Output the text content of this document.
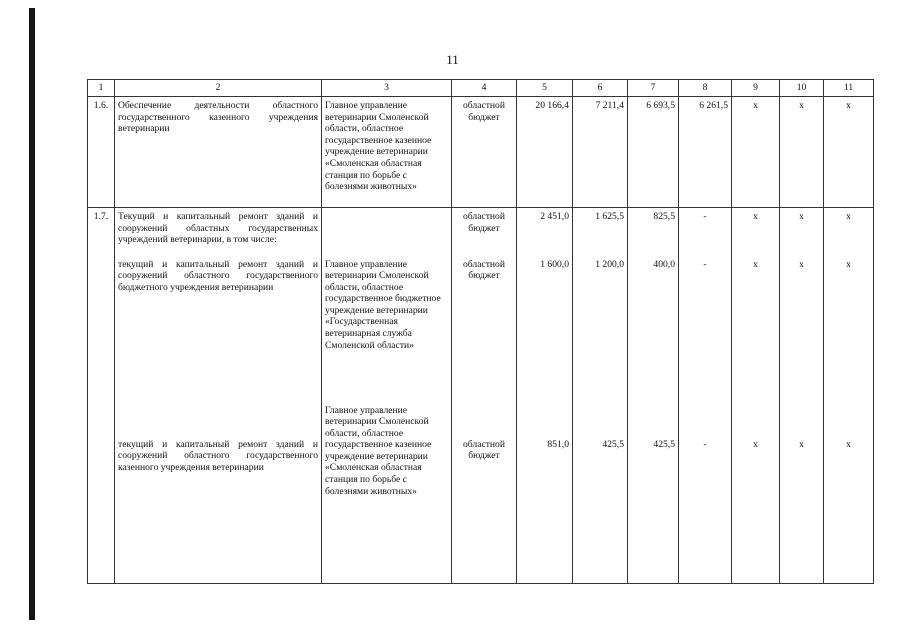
11
1	2	3	4	5	6	7	8	9	10	11
1.6.	Обеспечение деятельности областного государственного казенного учреждения ветеринарии	Главное управление ветеринарии Смоленской области, областное государственное казенное учреждение ветеринарии «Смоленская областная станция по борьбе с болезнями животных»	областной бюджет	20 166,4	7 211,4	6 693,5	6 261,5	х	х	х
1.7.	Текущий и капитальный ремонт зданий и сооружений областных государственных учреждений ветеринарии, в том числе:		областной бюджет	2 451,0	1 625,5	825,5	-	х	х	х
	текущий и капитальный ремонт зданий и сооружений областного государственного бюджетного учреждения ветеринарии	Главное управление ветеринарии Смоленской области, областное государственное бюджетное учреждение ветеринарии «Государственная ветеринарная служба Смоленской области»	областной бюджет	1 600,0	1 200,0	400,0	-	х	х	х
	текущий и капитальный ремонт зданий и сооружений областного государственного казенного учреждения ветеринарии	Главное управление ветеринарии Смоленской области, областное государственное казенное учреждение ветеринарии «Смоленская областная станция по борьбе с болезнями животных»	областной бюджет	851,0	425,5	425,5	-	х	х	х
